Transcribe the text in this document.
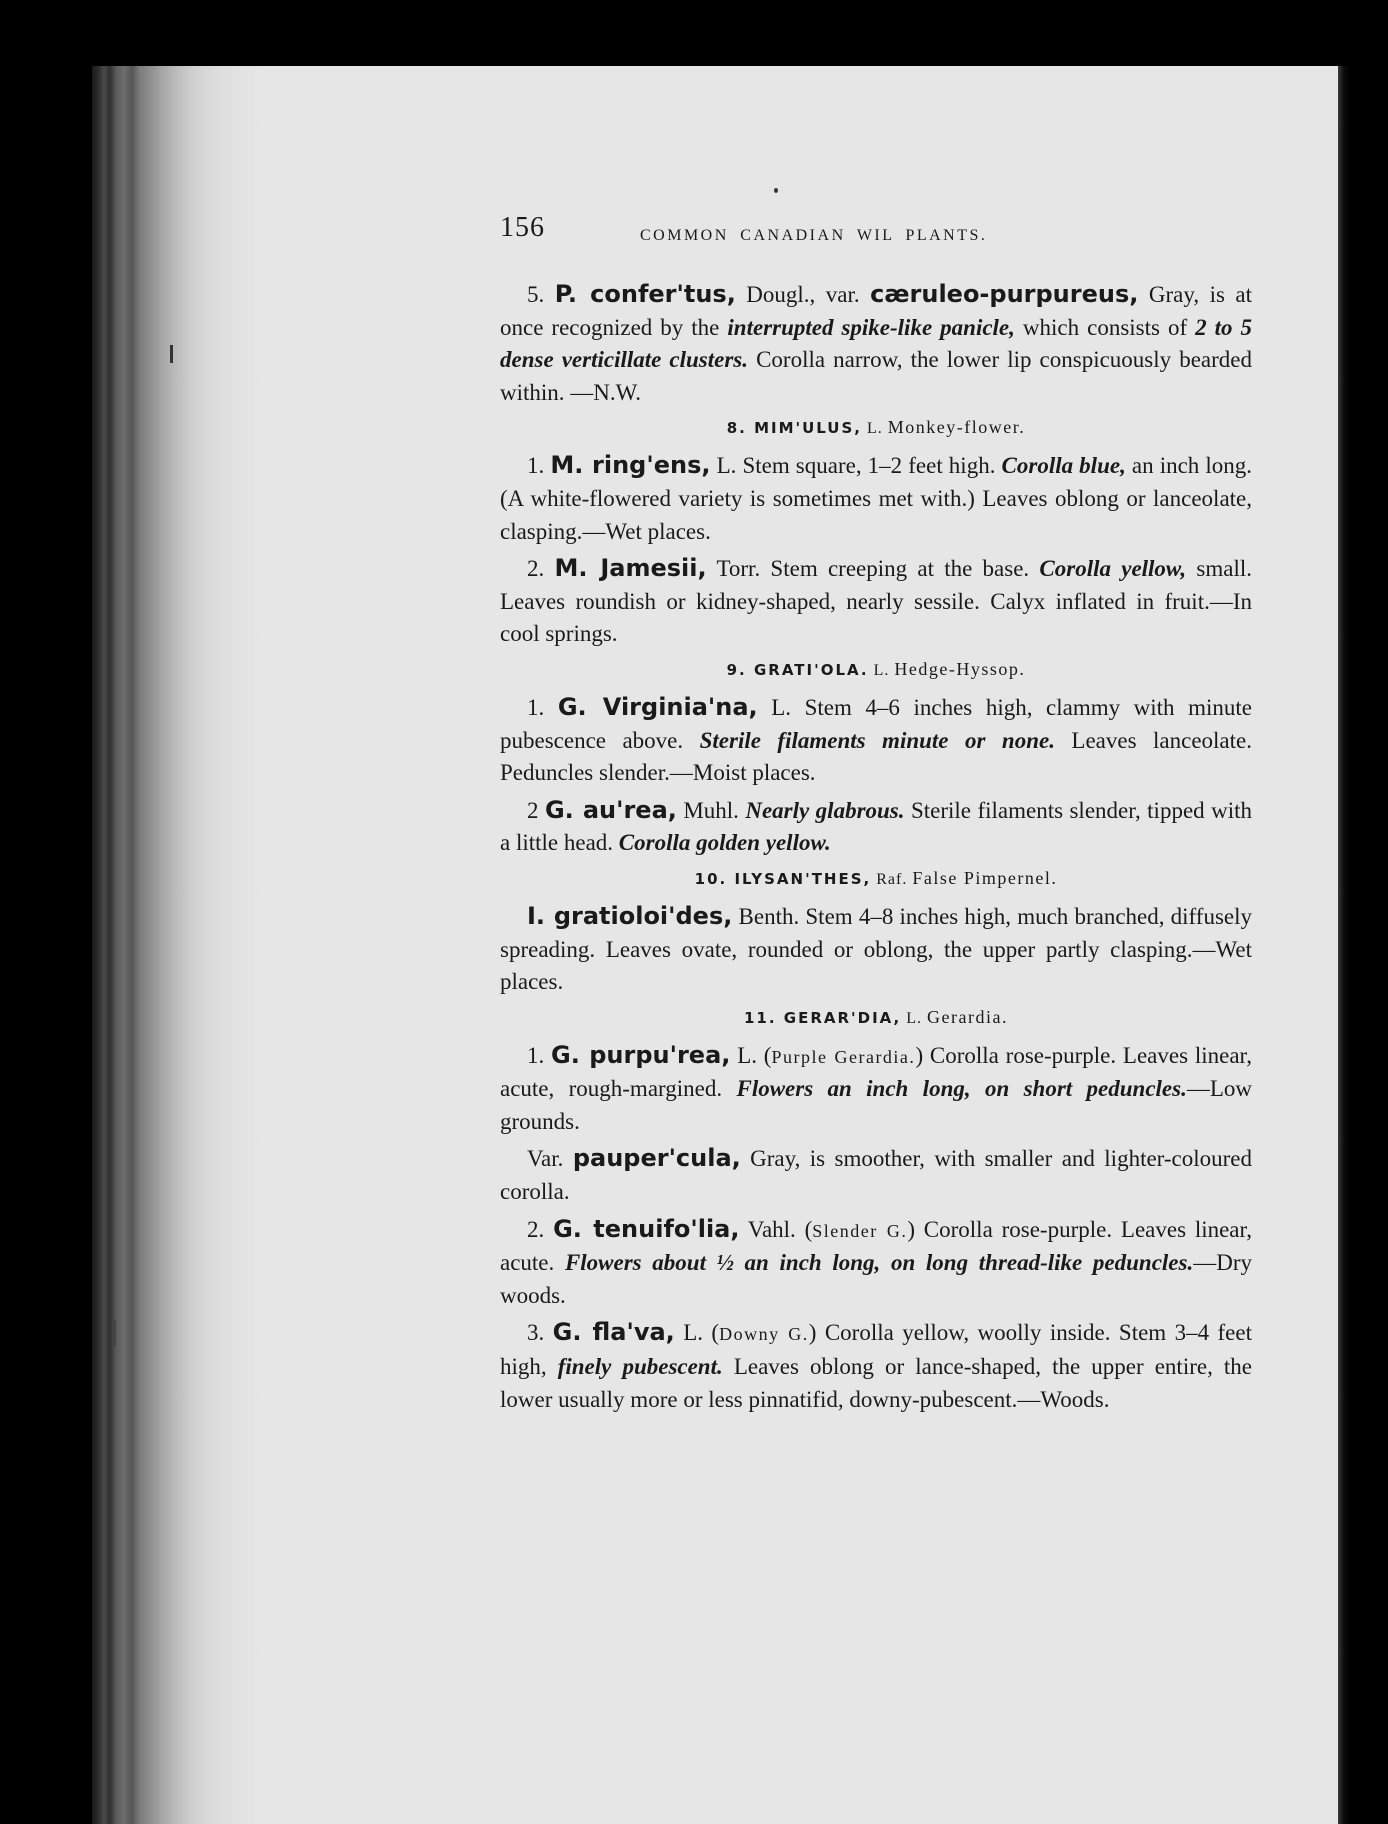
156	COMMON CANADIAN WIL PLANTS.

5. P. confer'tus, Dougl., var. cæruleo-purpureus, Gray, is at once recognized by the interrupted spike-like panicle, which consists of 2 to 5 dense verticillate clusters. Corolla narrow, the lower lip conspicuously bearded within. —N.W.

8. MIM'ULUS, L. Monkey-flower.

1. M. ring'ens, L. Stem square, 1–2 feet high. Corolla blue, an inch long. (A white-flowered variety is sometimes met with.) Leaves oblong or lanceolate, clasping.—Wet places.

2. M. Jamesii, Torr. Stem creeping at the base. Corolla yellow, small. Leaves roundish or kidney-shaped, nearly sessile. Calyx inflated in fruit.—In cool springs.

9. GRATI'OLA. L. Hedge-Hyssop.

1. G. Virginia'na, L. Stem 4–6 inches high, clammy with minute pubescence above. Sterile filaments minute or none. Leaves lanceolate. Peduncles slender.—Moist places.

2 G. au'rea, Muhl. Nearly glabrous. Sterile filaments slender, tipped with a little head. Corolla golden yellow.

10. ILYSAN'THES, Raf. False Pimpernel.

I. gratioloi'des, Benth. Stem 4–8 inches high, much branched, diffusely spreading. Leaves ovate, rounded or oblong, the upper partly clasping.—Wet places.

11. GERAR'DIA, L. Gerardia.

1. G. purpu'rea, L. (Purple Gerardia.) Corolla rose-purple. Leaves linear, acute, rough-margined. Flowers an inch long, on short peduncles.—Low grounds.

Var. pauper'cula, Gray, is smoother, with smaller and lighter-coloured corolla.

2. G. tenuifo'lia, Vahl. (Slender G.) Corolla rose-purple. Leaves linear, acute. Flowers about ½ an inch long, on long thread-like peduncles.—Dry woods.

3. G. fla'va, L. (Downy G.) Corolla yellow, woolly inside. Stem 3–4 feet high, finely pubescent. Leaves oblong or lance-shaped, the upper entire, the lower usually more or less pinnatifid, downy-pubescent.—Woods.
